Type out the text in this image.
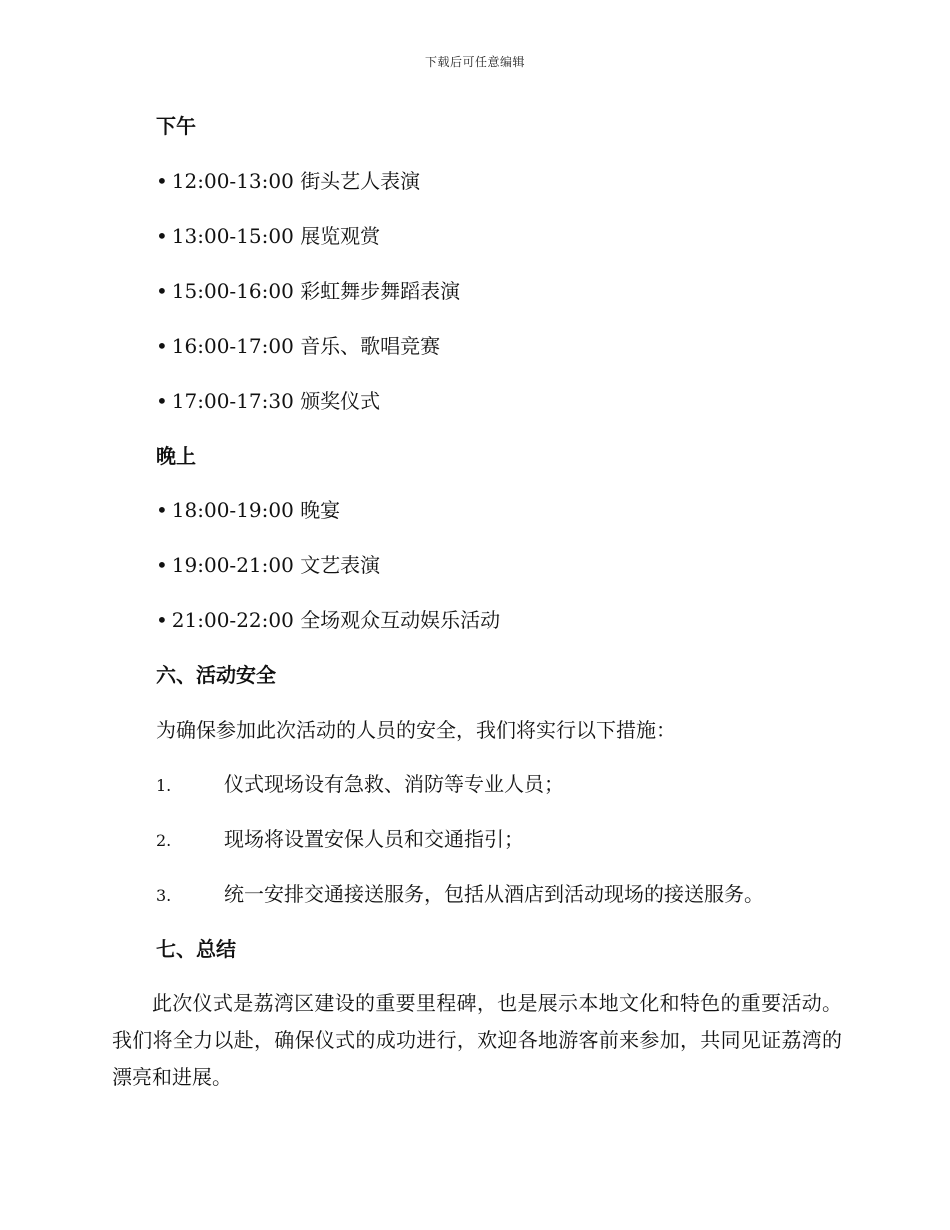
下载后可任意编辑
下午
• 12:00-13:00 街头艺人表演
• 13:00-15:00 展览观赏
• 15:00-16:00 彩虹舞步舞蹈表演
• 16:00-17:00 音乐、歌唱竞赛
• 17:00-17:30 颁奖仪式
晚上
• 18:00-19:00 晚宴
• 19:00-21:00 文艺表演
• 21:00-22:00 全场观众互动娱乐活动
六、活动安全
为确保参加此次活动的人员的安全，我们将实行以下措施：
1.	仪式现场设有急救、消防等专业人员；
2.	现场将设置安保人员和交通指引；
3.	统一安排交通接送服务，包括从酒店到活动现场的接送服务。
七、总结
此次仪式是荔湾区建设的重要里程碑，也是展示本地文化和特色的重要活动。我们将全力以赴，确保仪式的成功进行，欢迎各地游客前来参加，共同见证荔湾的漂亮和进展。
